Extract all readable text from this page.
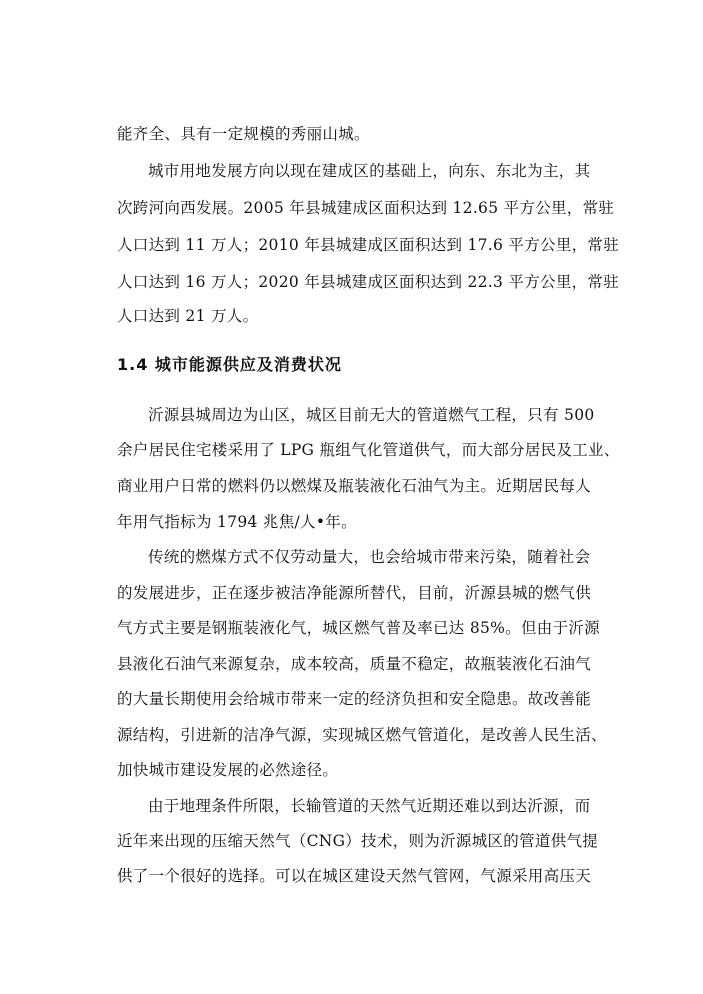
能齐全、具有一定规模的秀丽山城。
城市用地发展方向以现在建成区的基础上，向东、东北为主，其
次跨河向西发展。2005 年县城建成区面积达到 12.65 平方公里，常驻
人口达到 11 万人；2010 年县城建成区面积达到 17.6 平方公里，常驻
人口达到 16 万人；2020 年县城建成区面积达到 22.3 平方公里，常驻
人口达到 21 万人。
1.4 城市能源供应及消费状况
沂源县城周边为山区，城区目前无大的管道燃气工程，只有 500
余户居民住宅楼采用了 LPG 瓶组气化管道供气，而大部分居民及工业、
商业用户日常的燃料仍以燃煤及瓶装液化石油气为主。近期居民每人
年用气指标为 1794 兆焦/人•年。
传统的燃煤方式不仅劳动量大，也会给城市带来污染，随着社会
的发展进步，正在逐步被洁净能源所替代，目前，沂源县城的燃气供
气方式主要是钢瓶装液化气，城区燃气普及率已达 85%。但由于沂源
县液化石油气来源复杂，成本较高，质量不稳定，故瓶装液化石油气
的大量长期使用会给城市带来一定的经济负担和安全隐患。故改善能
源结构，引进新的洁净气源，实现城区燃气管道化，是改善人民生活、
加快城市建设发展的必然途径。
由于地理条件所限，长输管道的天然气近期还难以到达沂源，而
近年来出现的压缩天然气（CNG）技术，则为沂源城区的管道供气提
供了一个很好的选择。可以在城区建设天然气管网，气源采用高压天
